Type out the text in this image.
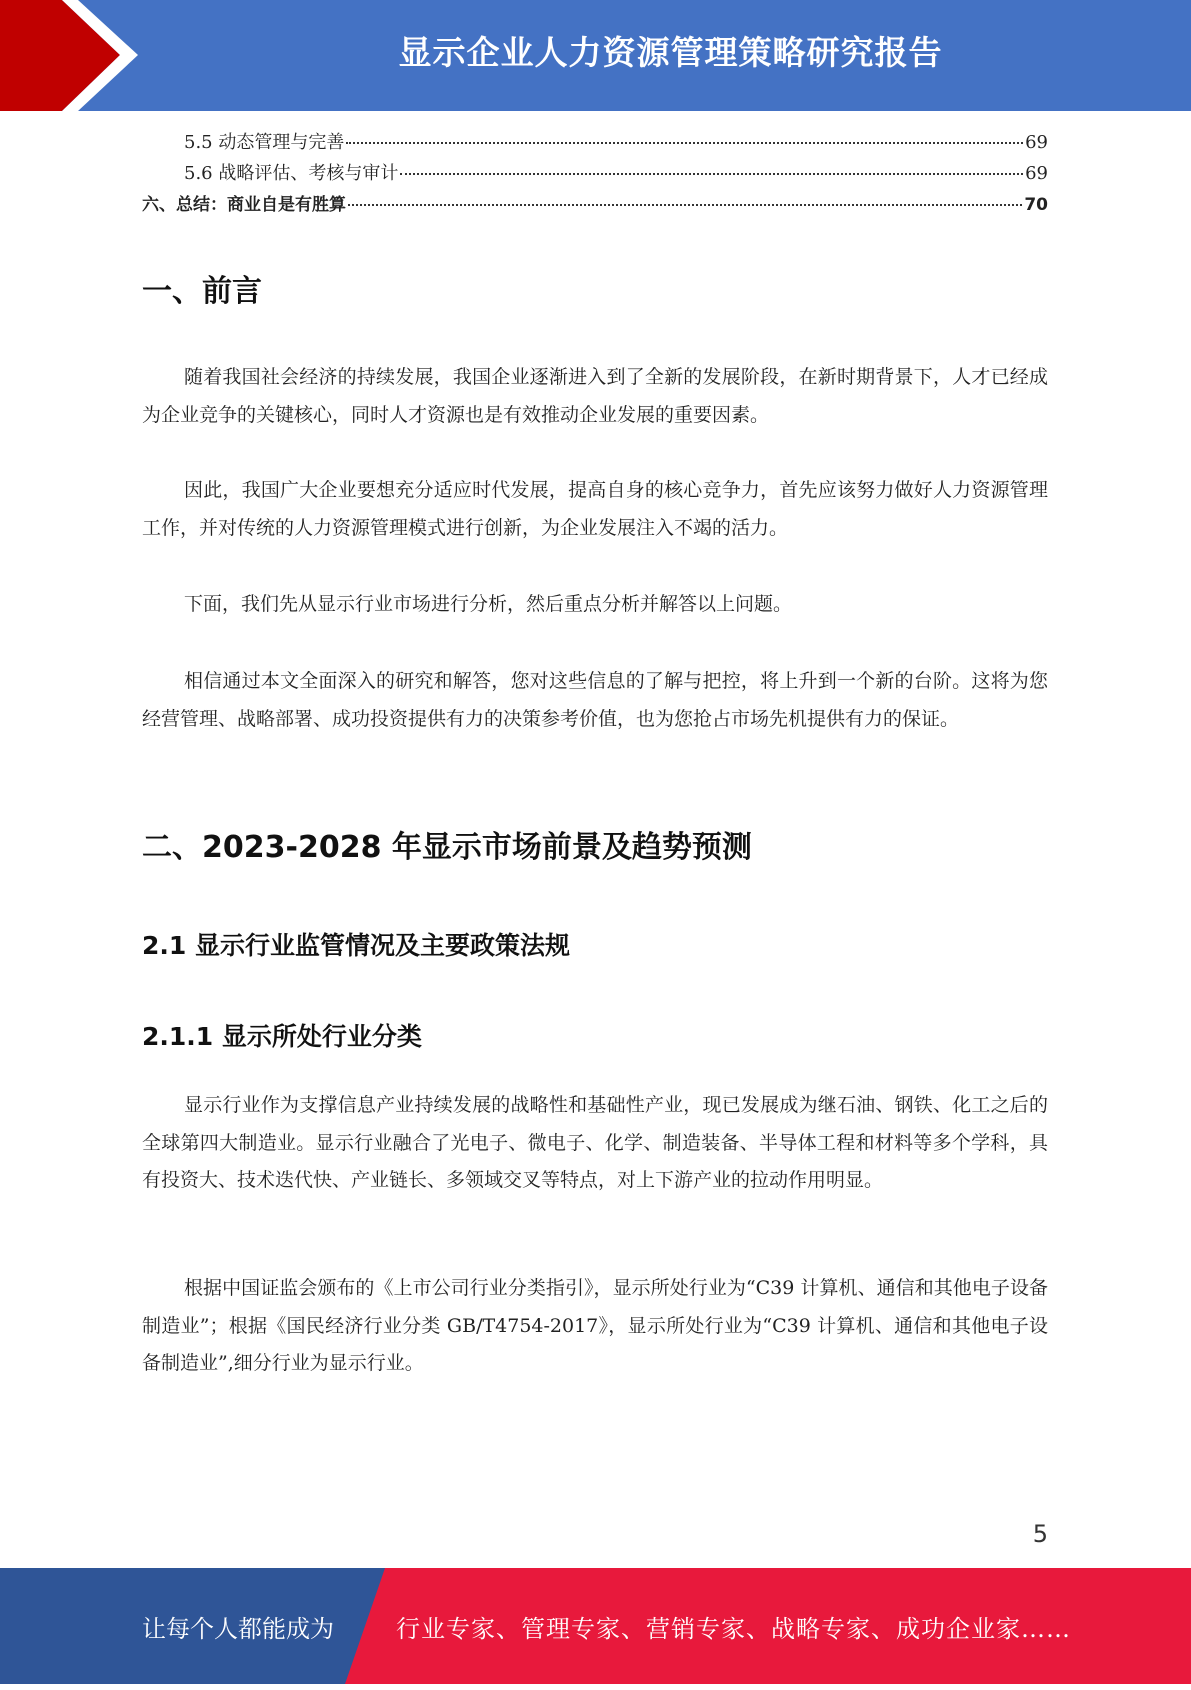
显示企业人力资源管理策略研究报告
5.5 动态管理与完善	69
5.6 战略评估、考核与审计	69
六、总结：商业自是有胜算	70
一、前言

随着我国社会经济的持续发展，我国企业逐渐进入到了全新的发展阶段，在新时期背景下，人才已经成为企业竞争的关键核心，同时人才资源也是有效推动企业发展的重要因素。

因此，我国广大企业要想充分适应时代发展，提高自身的核心竞争力，首先应该努力做好人力资源管理工作，并对传统的人力资源管理模式进行创新，为企业发展注入不竭的活力。

下面，我们先从显示行业市场进行分析，然后重点分析并解答以上问题。

相信通过本文全面深入的研究和解答，您对这些信息的了解与把控，将上升到一个新的台阶。这将为您经营管理、战略部署、成功投资提供有力的决策参考价值，也为您抢占市场先机提供有力的保证。

二、2023-2028 年显示市场前景及趋势预测
2.1 显示行业监管情况及主要政策法规
2.1.1 显示所处行业分类

显示行业作为支撑信息产业持续发展的战略性和基础性产业，现已发展成为继石油、钢铁、化工之后的全球第四大制造业。显示行业融合了光电子、微电子、化学、制造装备、半导体工程和材料等多个学科，具有投资大、技术迭代快、产业链长、多领域交叉等特点，对上下游产业的拉动作用明显。

根据中国证监会颁布的《上市公司行业分类指引》，显示所处行业为“C39 计算机、通信和其他电子设备制造业”；根据《国民经济行业分类 GB/T4754-2017》，显示所处行业为“C39 计算机、通信和其他电子设备制造业”,细分行业为显示行业。

5
让每个人都能成为	行业专家、管理专家、营销专家、战略专家、成功企业家……
